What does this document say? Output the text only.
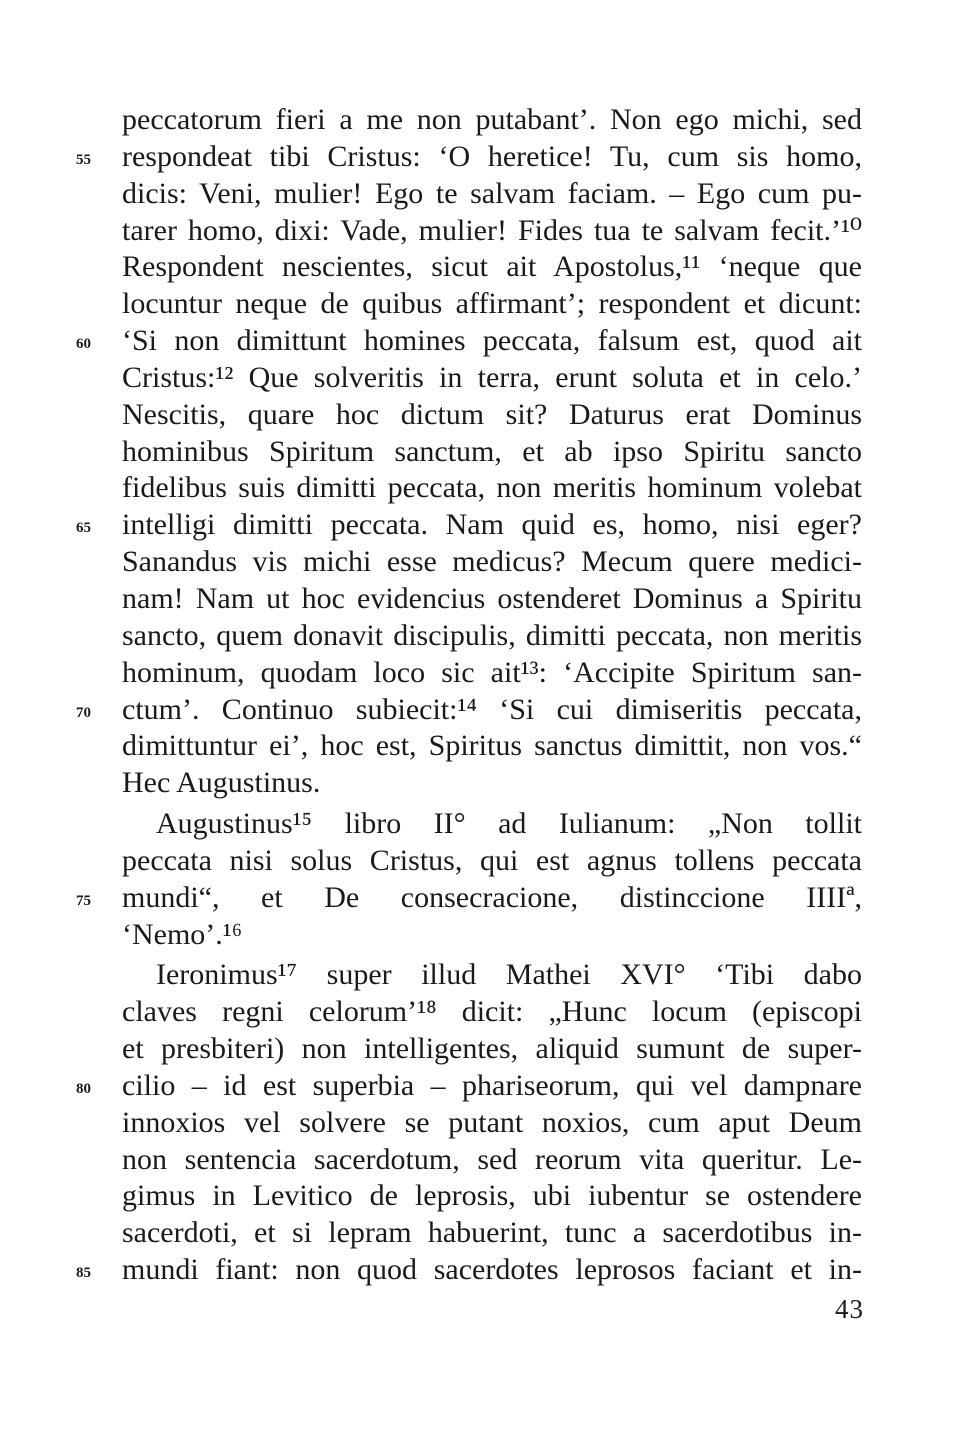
peccatorum fieri a me non putabant’. Non ego michi, sed
55	respondeat tibi Cristus: ‘O heretice! Tu, cum sis homo,
dicis: Veni, mulier! Ego te salvam faciam. – Ego cum pu-
tarer homo, dixi: Vade, mulier! Fides tua te salvam fecit.’¹⁰
Respondent nescientes, sicut ait Apostolus,¹¹ ‘neque que
locuntur neque de quibus affirmant’; respondent et dicunt:
60	‘Si non dimittunt homines peccata, falsum est, quod ait
Cristus:¹² Que solveritis in terra, erunt soluta et in celo.’
Nescitis, quare hoc dictum sit? Daturus erat Dominus
hominibus Spiritum sanctum, et ab ipso Spiritu sancto
fidelibus suis dimitti peccata, non meritis hominum volebat
65	intelligi dimitti peccata. Nam quid es, homo, nisi eger?
Sanandus vis michi esse medicus? Mecum quere medici-
nam! Nam ut hoc evidencius ostenderet Dominus a Spiritu
sancto, quem donavit discipulis, dimitti peccata, non meritis
hominum, quodam loco sic ait¹³: ‘Accipite Spiritum san-
70	ctum’. Continuo subiecit:¹⁴ ‘Si cui dimiseritis peccata,
dimittuntur ei’, hoc est, Spiritus sanctus dimittit, non vos.“
Hec Augustinus.
Augustinus¹⁵ libro II° ad Iulianum: „Non tollit
peccata nisi solus Cristus, qui est agnus tollens peccata
75	mundi“, et De consecracione, distinccione IIIIª,
‘Nemo’.¹⁶
Ieronimus¹⁷ super illud Mathei XVI° ‘Tibi dabo
claves regni celorum’¹⁸ dicit: „Hunc locum (episcopi
et presbiteri) non intelligentes, aliquid sumunt de super-
80	cilio – id est superbia – phariseorum, qui vel dampnare
innoxios vel solvere se putant noxios, cum aput Deum
non sentencia sacerdotum, sed reorum vita queritur. Le-
gimus in Levitico de leprosis, ubi iubentur se ostendere
sacerdoti, et si lepram habuerint, tunc a sacerdotibus in-
85	mundi fiant: non quod sacerdotes leprosos faciant et in-
43
